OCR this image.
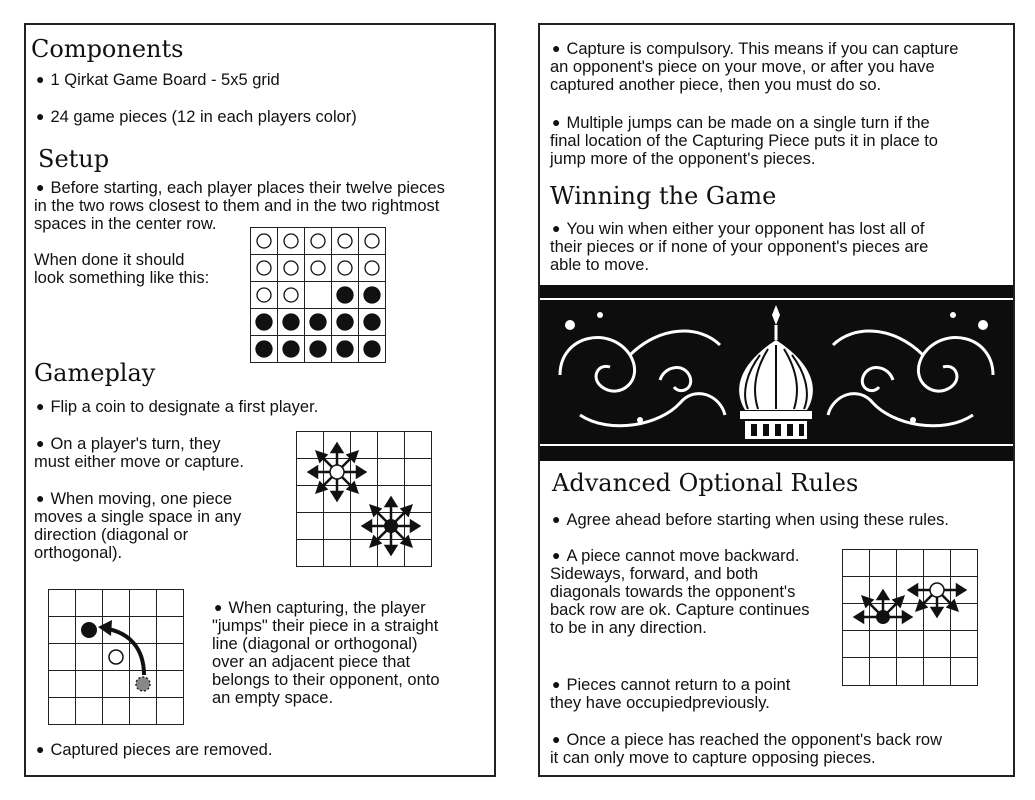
Components
● 1 Qirkat Game Board - 5x5 grid
● 24 game pieces (12 in each players color)
Setup
● Before starting, each player places their twelve pieces
in the two rows closest to them and in the two rightmost
spaces in the center row.
When done it should
look something like this:
Gameplay
● Flip a coin to designate a first player.
● On a player's turn, they
must either move or capture.
● When moving, one piece
moves a single space in any
direction (diagonal or
orthogonal).
● When capturing, the player
"jumps" their piece in a straight
line (diagonal or orthogonal)
over an adjacent piece that
belongs to their opponent, onto
an empty space.
● Captured pieces are removed.
● Capture is compulsory. This means if you can capture
an opponent's piece on your move, or after you have
captured another piece, then you must do so.
● Multiple jumps can be made on a single turn if the
final location of the Capturing Piece puts it in place to
jump more of the opponent's pieces.
Winning the Game
● You win when either your opponent has lost all of
their pieces or if none of your opponent's pieces are
able to move.
Advanced Optional Rules
● Agree ahead before starting when using these rules.
● A piece cannot move backward.
Sideways, forward, and both
diagonals towards the opponent's
back row are ok. Capture continues
to be in any direction.
● Pieces cannot return to a point
they have occupiedpreviously.
● Once a piece has reached the opponent's back row
it can only move to capture opposing pieces.
